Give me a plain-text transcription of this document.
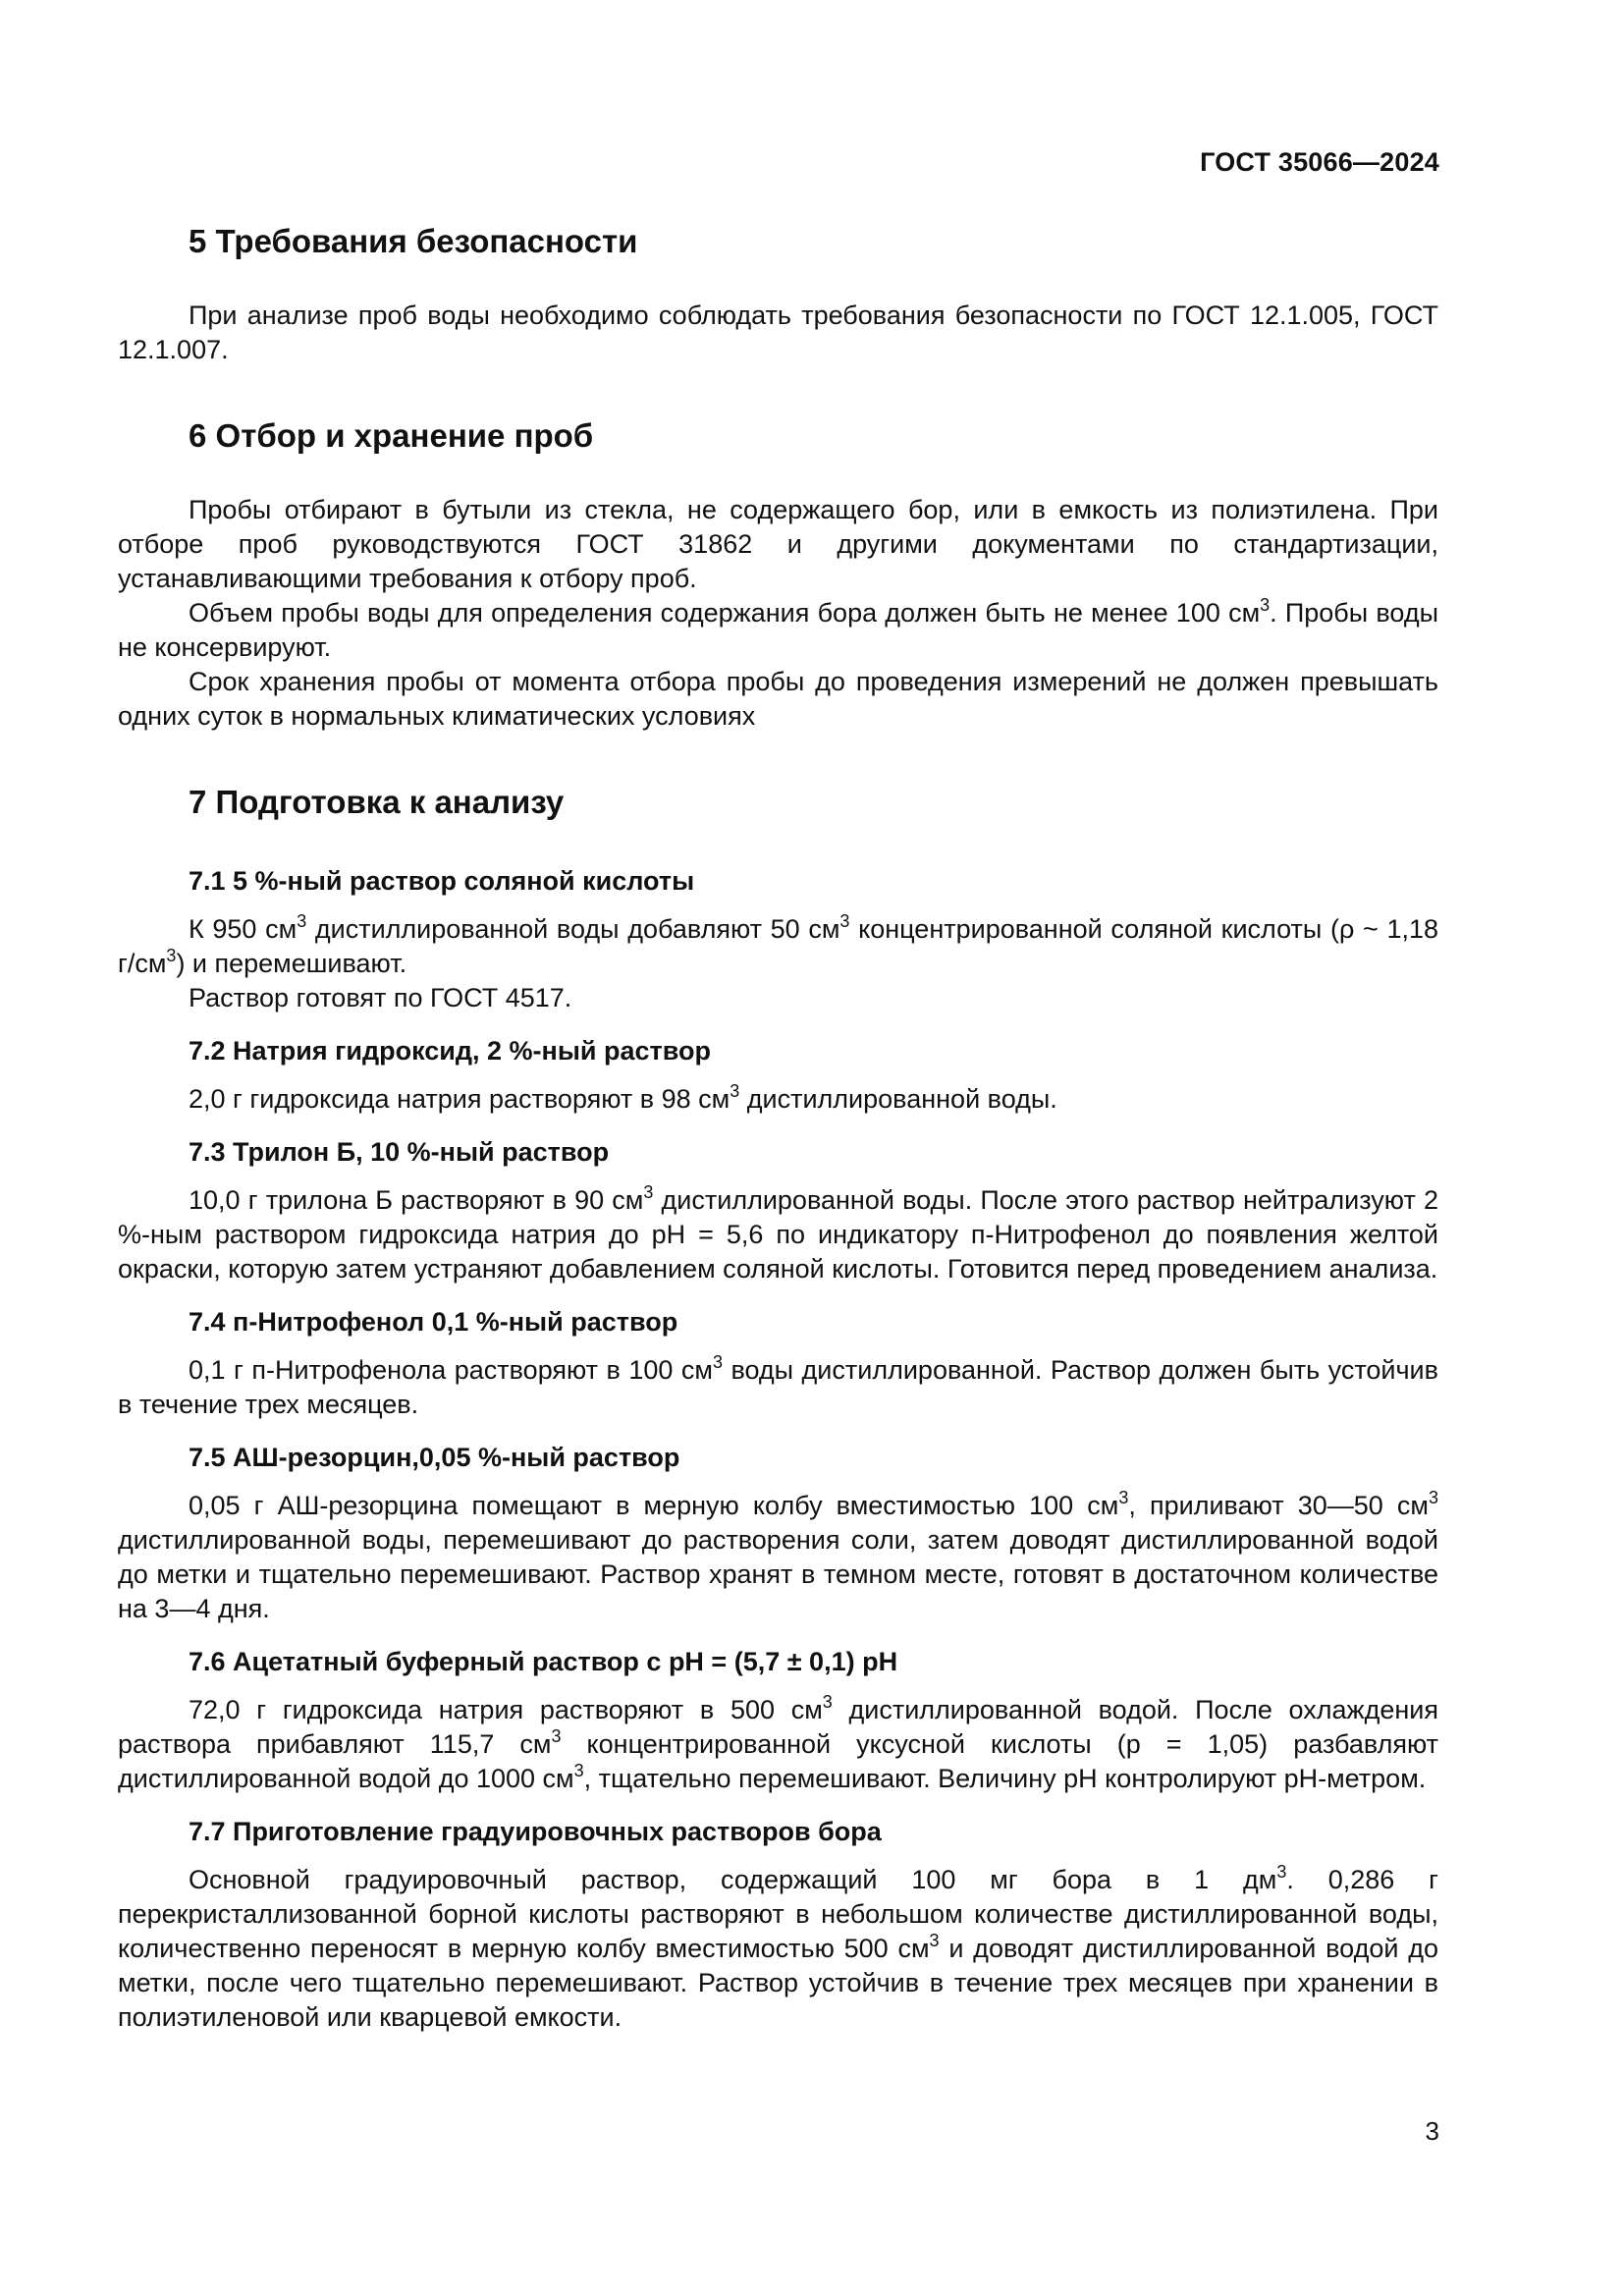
ГОСТ 35066—2024
5 Требования безопасности

При анализе проб воды необходимо соблюдать требования безопасности по ГОСТ 12.1.005, ГОСТ 12.1.007.

6 Отбор и хранение проб

Пробы отбирают в бутыли из стекла, не содержащего бор, или в емкость из полиэтилена. При отборе проб руководствуются ГОСТ 31862 и другими документами по стандартизации, устанавливающими требования к отбору проб.

Объем пробы воды для определения содержания бора должен быть не менее 100 $см^3$. Пробы воды не консервируют.

Срок хранения пробы от момента отбора пробы до проведения измерений не должен превышать одних суток в нормальных климатических условиях

7 Подготовка к анализу
7.1 5 %-ный раствор соляной кислоты

К 950 $см^3$ дистиллированной воды добавляют 50 $см^3$ концентрированной соляной кислоты (ρ ~ 1,18 $г/см^3$) и перемешивают.

Раствор готовят по ГОСТ 4517.

7.2 Натрия гидроксид, 2 %-ный раствор

2,0 г гидроксида натрия растворяют в 98 $см^3$ дистиллированной воды.

7.3 Трилон Б, 10 %-ный раствор

10,0 г трилона Б растворяют в 90 $см^3$ дистиллированной воды. После этого раствор нейтрализуют 2 %-ным раствором гидроксида натрия до рН = 5,6 по индикатору п-Нитрофенол до появления желтой окраски, которую затем устраняют добавлением соляной кислоты. Готовится перед проведением анализа.

7.4 п-Нитрофенол 0,1 %-ный раствор

0,1 г п-Нитрофенола растворяют в 100 $см^3$ воды дистиллированной. Раствор должен быть устойчив в течение трех месяцев.

7.5 АШ-резорцин,0,05 %-ный раствор

0,05 г АШ-резорцина помещают в мерную колбу вместимостью 100 $см^3$, приливают 30—50 $см^3$ дистиллированной воды, перемешивают до растворения соли, затем доводят дистиллированной водой до метки и тщательно перемешивают. Раствор хранят в темном месте, готовят в достаточном количестве на 3—4 дня.

7.6 Ацетатный буферный раствор с pH = (5,7 ± 0,1) pH

72,0 г гидроксида натрия растворяют в 500 $см^3$ дистиллированной водой. После охлаждения раствора прибавляют 115,7 $см^3$ концентрированной уксусной кислоты (р = 1,05) разбавляют дистиллированной водой до 1000 $см^3$, тщательно перемешивают. Величину рН контролируют рН-метром.

7.7 Приготовление градуировочных растворов бора

Основной градуировочный раствор, содержащий 100 мг бора в 1 $дм^3$. 0,286 г перекристаллизованной борной кислоты растворяют в небольшом количестве дистиллированной воды, количественно переносят в мерную колбу вместимостью 500 $см^3$ и доводят дистиллированной водой до метки, после чего тщательно перемешивают. Раствор устойчив в течение трех месяцев при хранении в полиэтиленовой или кварцевой емкости.

3
